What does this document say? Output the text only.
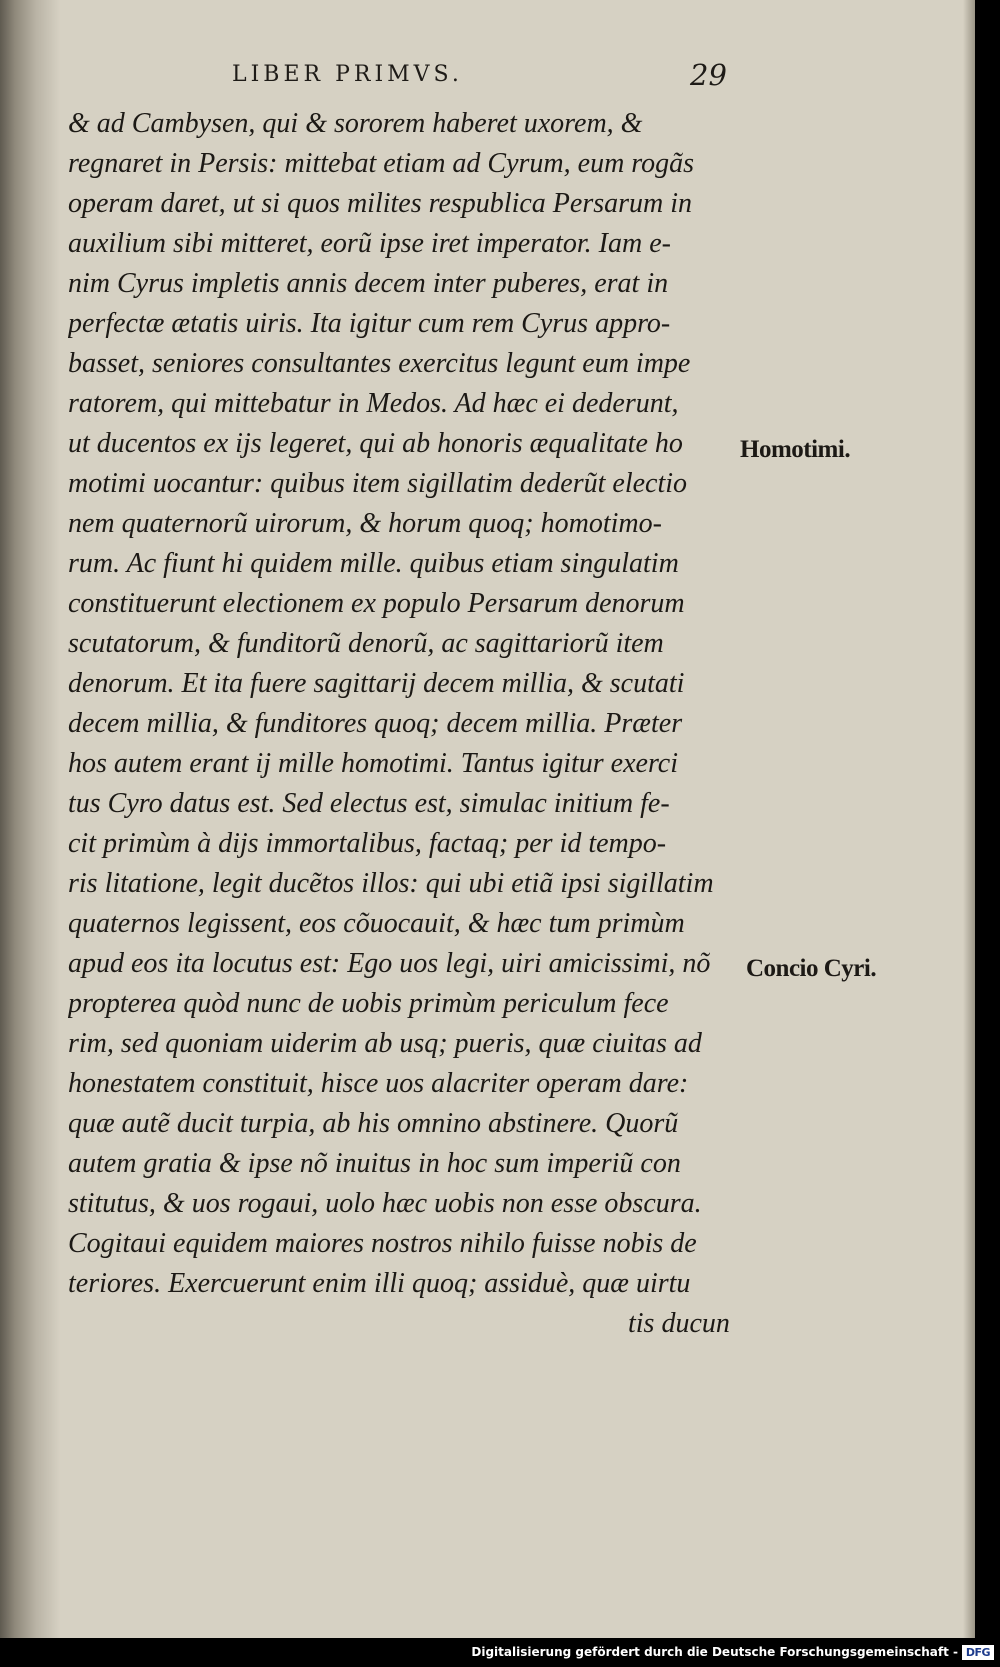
LIBER PRIMVS.	29
& ad Cambysen, qui & sororem haberet uxorem, &
regnaret in Persis: mittebat etiam ad Cyrum, eum rogãs
operam daret, ut si quos milites respublica Persarum in
auxilium sibi mitteret, eorũ ipse iret imperator. Iam e-
nim Cyrus impletis annis decem inter puberes, erat in
perfectæ ætatis uiris. Ita igitur cum rem Cyrus appro-
basset, seniores consultantes exercitus legunt eum impe
ratorem, qui mittebatur in Medos. Ad hæc ei dederunt,
ut ducentos ex ijs legeret, qui ab honoris æqualitate ho
motimi uocantur: quibus item sigillatim dederũt electio
nem quaternorũ uirorum, & horum quoq; homotimo-
rum. Ac fiunt hi quidem mille. quibus etiam singulatim
constituerunt electionem ex populo Persarum denorum
scutatorum, & funditorũ denorũ, ac sagittariorũ item
denorum. Et ita fuere sagittarij decem millia, & scutati
decem millia, & funditores quoq; decem millia. Præter
hos autem erant ij mille homotimi. Tantus igitur exerci
tus Cyro datus est. Sed electus est, simulac initium fe-
cit primùm à dijs immortalibus, factaq; per id tempo-
ris litatione, legit ducẽtos illos: qui ubi etiã ipsi sigillatim
quaternos legissent, eos cõuocauit, & hæc tum primùm
apud eos ita locutus est: Ego uos legi, uiri amicissimi, nõ
propterea quòd nunc de uobis primùm periculum fece
rim, sed quoniam uiderim ab usq; pueris, quæ ciuitas ad
honestatem constituit, hisce uos alacriter operam dare:
quæ autẽ ducit turpia, ab his omnino abstinere. Quorũ
autem gratia & ipse nõ inuitus in hoc sum imperiũ con
stitutus, & uos rogaui, uolo hæc uobis non esse obscura.
Cogitaui equidem maiores nostros nihilo fuisse nobis de
teriores. Exercuerunt enim illi quoq; assiduè, quæ uirtu
tis ducun
Homotimi.
Concio Cyri.
Digitalisierung gefördert durch die Deutsche Forschungsgemeinschaft - DFG
